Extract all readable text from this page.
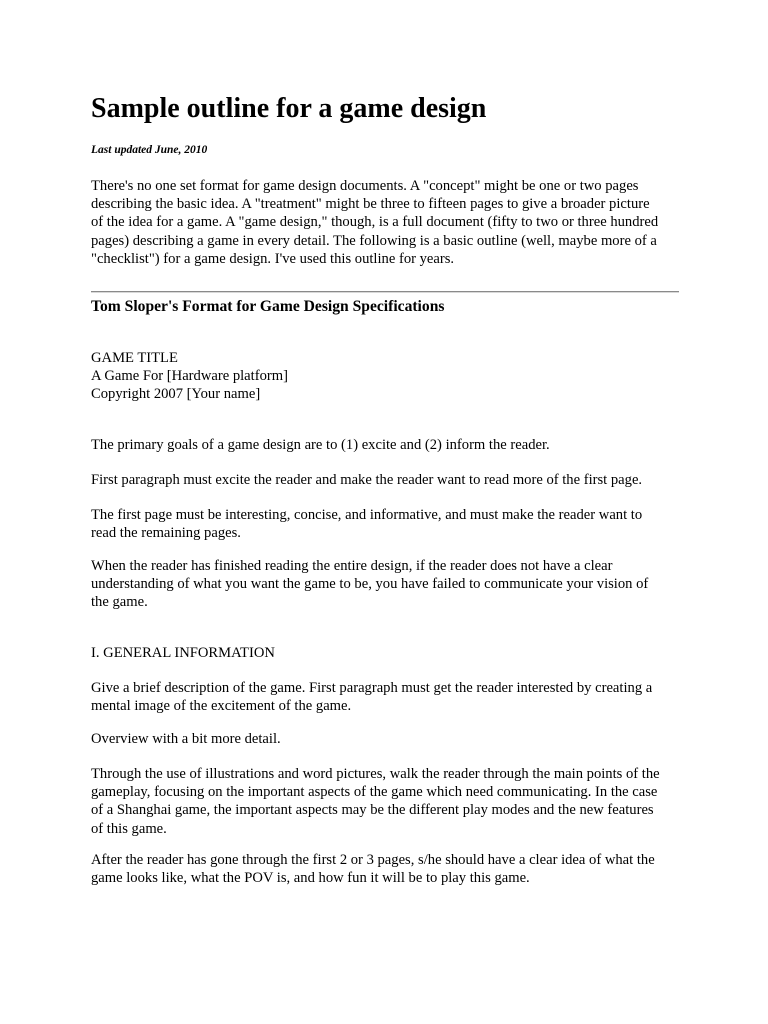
Sample outline for a game design

Last updated June, 2010

There's no one set format for game design documents. A "concept" might be one or two pages
describing the basic idea. A "treatment" might be three to fifteen pages to give a broader picture
of the idea for a game. A "game design," though, is a full document (fifty to two or three hundred
pages) describing a game in every detail. The following is a basic outline (well, maybe more of a
"checklist") for a game design. I've used this outline for years.

Tom Sloper's Format for Game Design Specifications

GAME TITLE
A Game For [Hardware platform]
Copyright 2007 [Your name]

The primary goals of a game design are to (1) excite and (2) inform the reader.

First paragraph must excite the reader and make the reader want to read more of the first page.

The first page must be interesting, concise, and informative, and must make the reader want to
read the remaining pages.

When the reader has finished reading the entire design, if the reader does not have a clear
understanding of what you want the game to be, you have failed to communicate your vision of
the game.

I. GENERAL INFORMATION

Give a brief description of the game. First paragraph must get the reader interested by creating a
mental image of the excitement of the game.

Overview with a bit more detail.

Through the use of illustrations and word pictures, walk the reader through the main points of the
gameplay, focusing on the important aspects of the game which need communicating. In the case
of a Shanghai game, the important aspects may be the different play modes and the new features
of this game.

After the reader has gone through the first 2 or 3 pages, s/he should have a clear idea of what the
game looks like, what the POV is, and how fun it will be to play this game.
